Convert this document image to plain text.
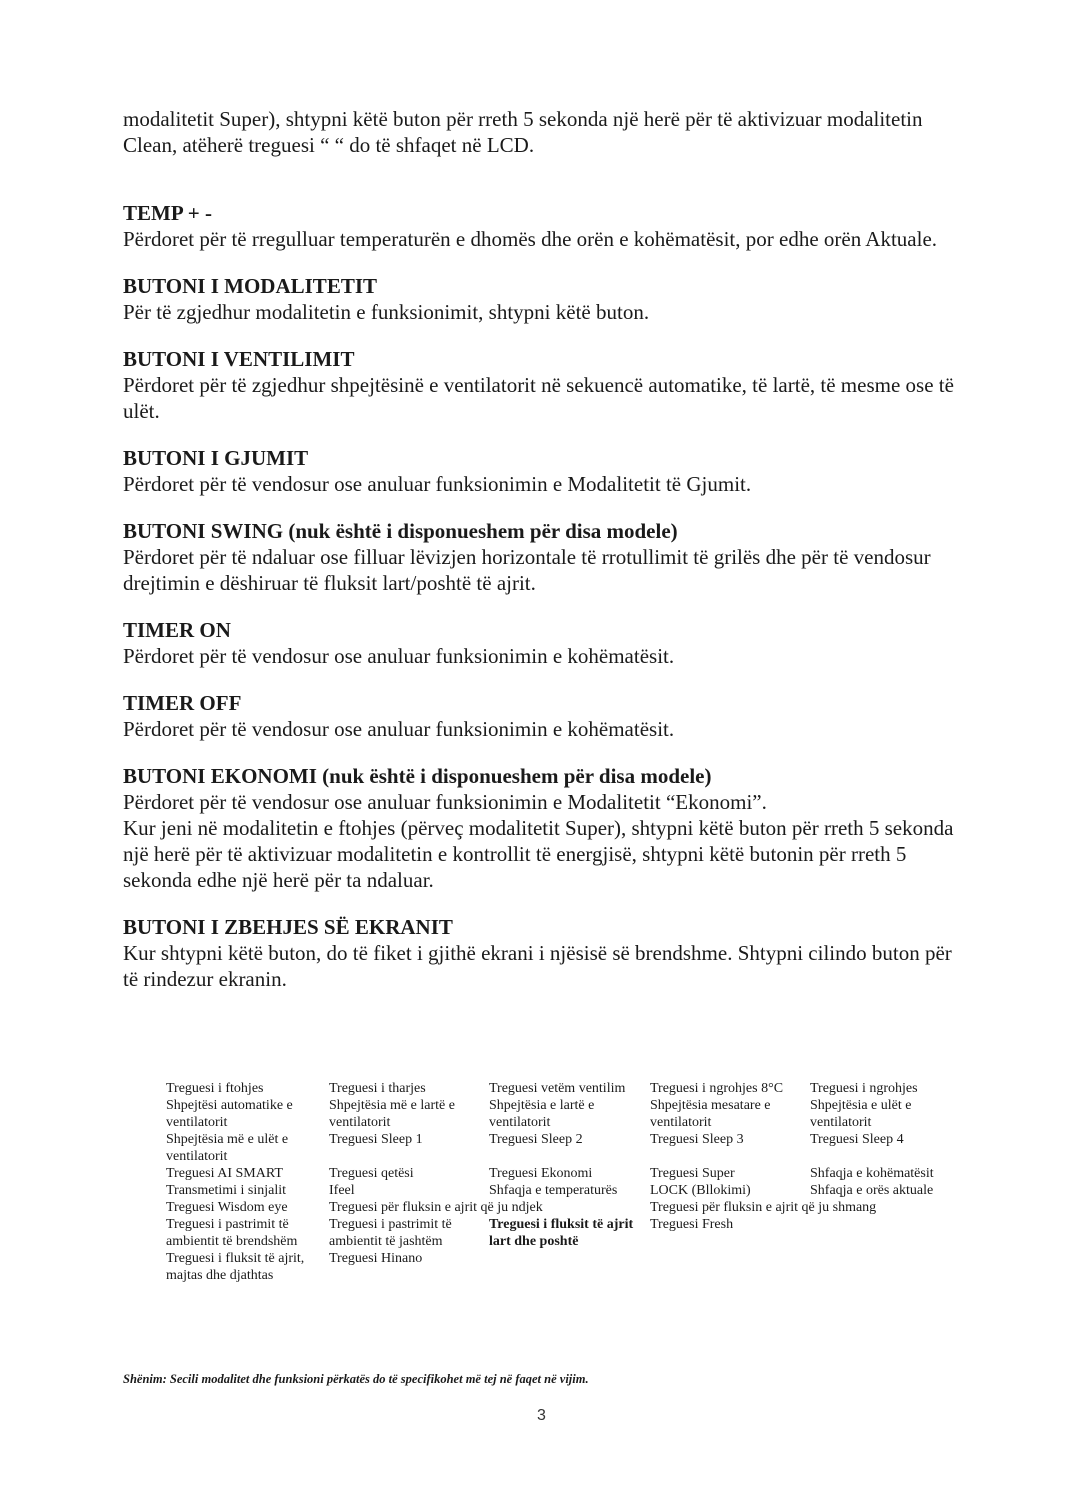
modalitetit Super), shtypni këtë buton për rreth 5 sekonda një herë për të aktivizuar modalitetin Clean, atëherë treguesi “ “ do të shfaqet në LCD.

TEMP + -

Përdoret për të rregulluar temperaturën e dhomës dhe orën e kohëmatësit, por edhe orën Aktuale.

BUTONI I MODALITETIT

Për të zgjedhur modalitetin e funksionimit, shtypni këtë buton.

BUTONI I VENTILIMIT

Përdoret për të zgjedhur shpejtësinë e ventilatorit në sekuencë automatike, të lartë, të mesme ose të ulët.

BUTONI I GJUMIT

Përdoret për të vendosur ose anuluar funksionimin e Modalitetit të Gjumit.

BUTONI SWING (nuk është i disponueshem për disa modele)

Përdoret për të ndaluar ose filluar lëvizjen horizontale të rrotullimit të grilës dhe për të vendosur drejtimin e dëshiruar të fluksit lart/poshtë të ajrit.

TIMER ON

Përdoret për të vendosur ose anuluar funksionimin e kohëmatësit.

TIMER OFF

Përdoret për të vendosur ose anuluar funksionimin e kohëmatësit.

BUTONI EKONOMI (nuk është i disponueshem për disa modele)

Përdoret për të vendosur ose anuluar funksionimin e Modalitetit “Ekonomi”.

Kur jeni në modalitetin e ftohjes (përveç modalitetit Super), shtypni këtë buton për rreth 5 sekonda një herë për të aktivizuar modalitetin e kontrollit të energjisë, shtypni këtë butonin për rreth 5 sekonda edhe një herë për ta ndaluar.

BUTONI I ZBEHJES SË EKRANIT

Kur shtypni këtë buton, do të fiket i gjithë ekrani i njësisë së brendshme. Shtypni cilindo buton për të rindezur ekranin.

Treguesi i ftohjes	Treguesi i tharjes	Treguesi vetëm ventilim	Treguesi i ngrohjes 8°C	Treguesi i ngrohjes
Shpejtësi automatike e ventilatorit	Shpejtësia më e lartë e ventilatorit	Shpejtësia e lartë e ventilatorit	Shpejtësia mesatare e ventilatorit	Shpejtësia e ulët e ventilatorit
Shpejtësia më e ulët e ventilatorit	Treguesi Sleep 1	Treguesi Sleep 2	Treguesi Sleep 3	Treguesi Sleep 4
Treguesi AI SMART	Treguesi qetësi	Treguesi Ekonomi	Treguesi Super	Shfaqja e kohëmatësit
Transmetimi i sinjalit	Ifeel	Shfaqja e temperaturës	LOCK (Bllokimi)	Shfaqja e orës aktuale
Treguesi Wisdom eye	Treguesi për fluksin e ajrit që ju ndjek		Treguesi për fluksin e ajrit që ju shmang	
Treguesi i pastrimit të ambientit të brendshëm	Treguesi i pastrimit të ambientit të jashtëm	Treguesi i fluksit të ajrit lart dhe poshtë	Treguesi Fresh	
Treguesi i fluksit të ajrit, majtas dhe djathtas	Treguesi Hinano			
Shënim: Secili modalitet dhe funksioni përkatës do të specifikohet më tej në faqet në vijim.
3
